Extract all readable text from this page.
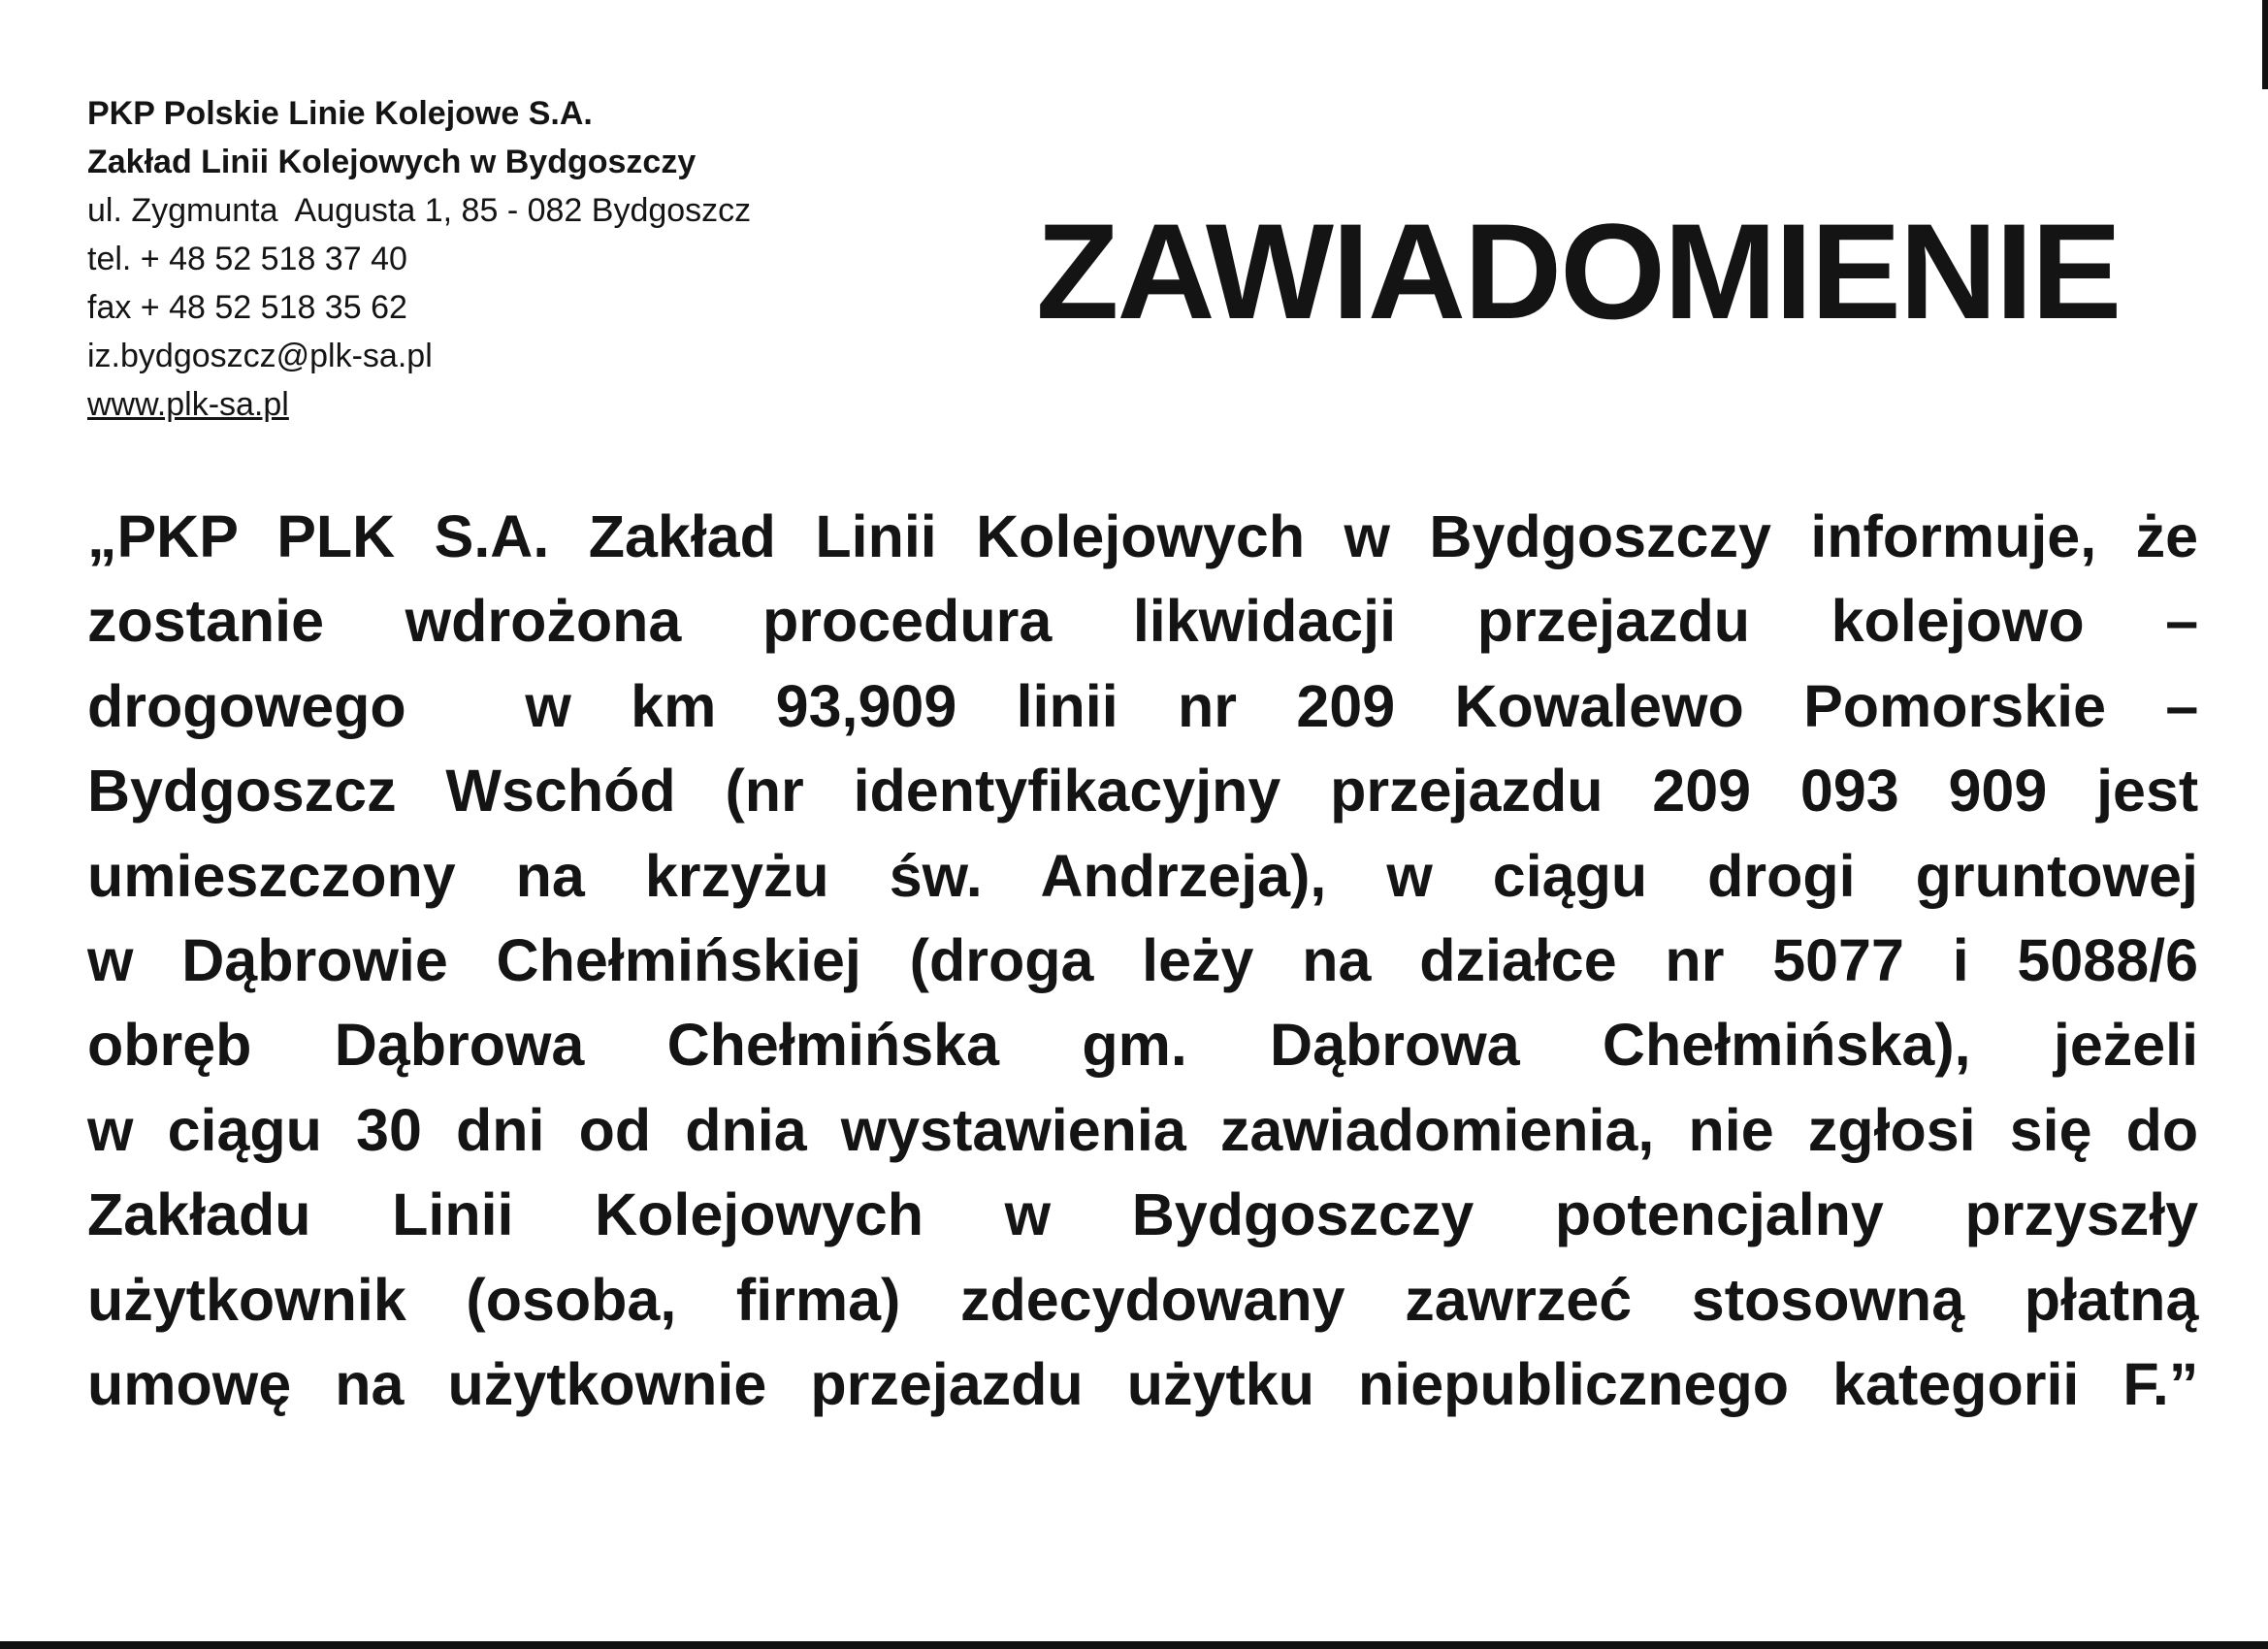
PKP Polskie Linie Kolejowe S.A.
Zakład Linii Kolejowych w Bydgoszczy
ul. Zygmunta  Augusta 1, 85 - 082 Bydgoszcz
tel. + 48 52 518 37 40
fax + 48 52 518 35 62
iz.bydgoszcz@plk-sa.pl
www.plk-sa.pl
ZAWIADOMIENIE
„PKP PLK S.A. Zakład Linii Kolejowych w Bydgoszczy informuje, że
zostanie wdrożona procedura likwidacji przejazdu kolejowo –
drogowego  w km 93,909 linii nr 209 Kowalewo Pomorskie –
Bydgoszcz Wschód (nr identyfikacyjny przejazdu 209 093 909 jest
umieszczony na krzyżu św. Andrzeja), w ciągu drogi gruntowej
w Dąbrowie Chełmińskiej (droga leży na działce nr 5077 i 5088/6
obręb Dąbrowa Chełmińska gm. Dąbrowa Chełmińska), jeżeli
w ciągu 30 dni od dnia wystawienia zawiadomienia, nie zgłosi się do
Zakładu Linii Kolejowych w Bydgoszczy potencjalny przyszły
użytkownik (osoba, firma) zdecydowany zawrzeć stosowną płatną
umowę na użytkownie przejazdu użytku niepublicznego kategorii F.”
